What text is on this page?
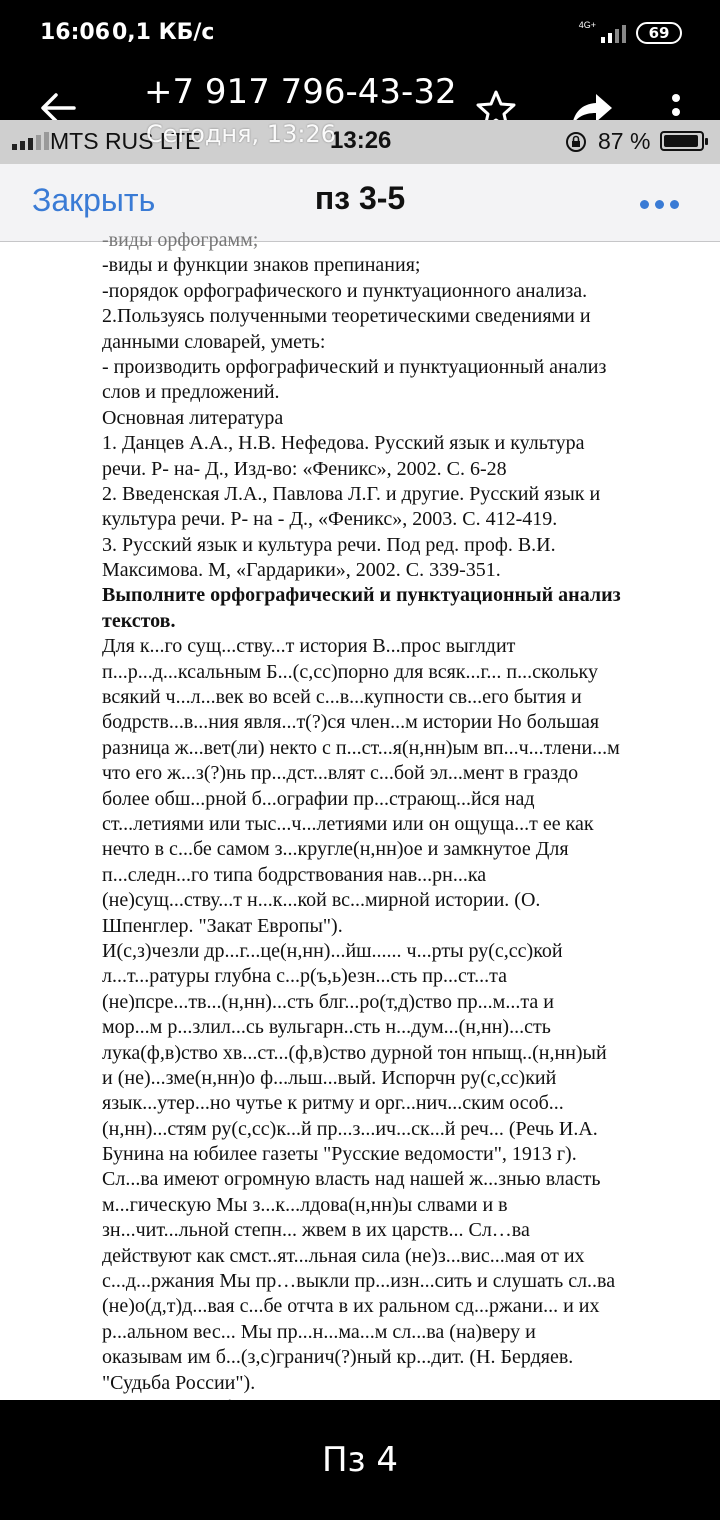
16:06 0,1 КБ/с	4G+	69
+7 917 796-43-32
MTS RUS LTE	13:26	87 %
Сегодня, 13:26
Закрыть	пз 3-5
-виды орфограмм;
-виды и функции знаков препинания;
-порядок орфографического и пунктуационного анализа.
2.Пользуясь полученными теоретическими сведениями и
данными словарей, уметь:
- производить орфографический и пунктуационный анализ
слов и предложений.
Основная литература
1. Данцев А.А., Н.В. Нефедова. Русский язык и культура
речи. Р- на- Д., Изд-во: «Феникс», 2002. С. 6-28
2. Введенская Л.А., Павлова Л.Г. и другие. Русский язык и
культура речи. Р- на - Д., «Феникс», 2003. С. 412-419.
3. Русский язык и культура речи. Под ред. проф. В.И.
Максимова. М, «Гардарики», 2002. С. 339-351.
Выполните орфографический и пунктуационный анализ
текстов.
Для к...го сущ...ству...т история В...прос выглдит
п...р...д...ксальным Б...(с,сс)порно для всяк...г... п...скольку
всякий ч...л...век во всей с...в...купности св...его бытия и
бодрств...в...ния явля...т(?)ся член...м истории Но большая
разница ж...вет(ли) некто с п...ст...я(н,нн)ым вп...ч...тлени...м
что его ж...з(?)нь пр...дст...влят с...бой эл...мент в граздо
более обш...рной б...ографии пр...страющ...йся над
ст...летиями или тыс...ч...летиями или он ощуща...т ее как
нечто в с...бе самом з...кругле(н,нн)ое и замкнутое Для
п...следн...го типа бодрствования нав...рн...ка
(не)сущ...ству...т н...к...кой вс...мирной истории. (О.
Шпенглер. "Закат Европы").
И(с,з)чезли др...г...це(н,нн)...йш...... ч...рты ру(с,сс)кой
л...т...ратуры глубна с...р(ъ,ь)езн...сть пр...ст...та
(не)псре...тв...(н,нн)...сть блг...ро(т,д)ство пр...м...та и
мор...м р...злил...сь вульгарн..сть н...дум...(н,нн)...сть
лука(ф,в)ство хв...ст...(ф,в)ство дурной тон нпыщ..(н,нн)ый
и (не)...зме(н,нн)о ф...льш...вый. Испорчн ру(с,сс)кий
язык...утер...но чутье к ритму и орг...нич...ским особ...
(н,нн)...стям ру(с,сс)к...й пр...з...ич...ск...й реч... (Речь И.А.
Бунина на юбилее газеты "Русские ведомости", 1913 г).
Сл...ва имеют огромную власть над нашей ж...знью власть
м...гическую Мы з...к...лдова(н,нн)ы слвами и в
зн...чит...льной степн... жвем в их царств... Сл…ва
действуют как смст..ят...льная сила (не)з...вис...мая от их
с...д...ржания Мы пр…выкли пр...изн...сить и слушать сл..ва
(не)о(д,т)д...вая с...бе отчта в их ральном сд...ржани... и их
р...альном вес... Мы пр...н...ма...м сл...ва (на)веру и
оказывам им б...(з,с)гранич(?)ный кр...дит. (Н. Бердяев.
"Судьба России").
Пз 4
